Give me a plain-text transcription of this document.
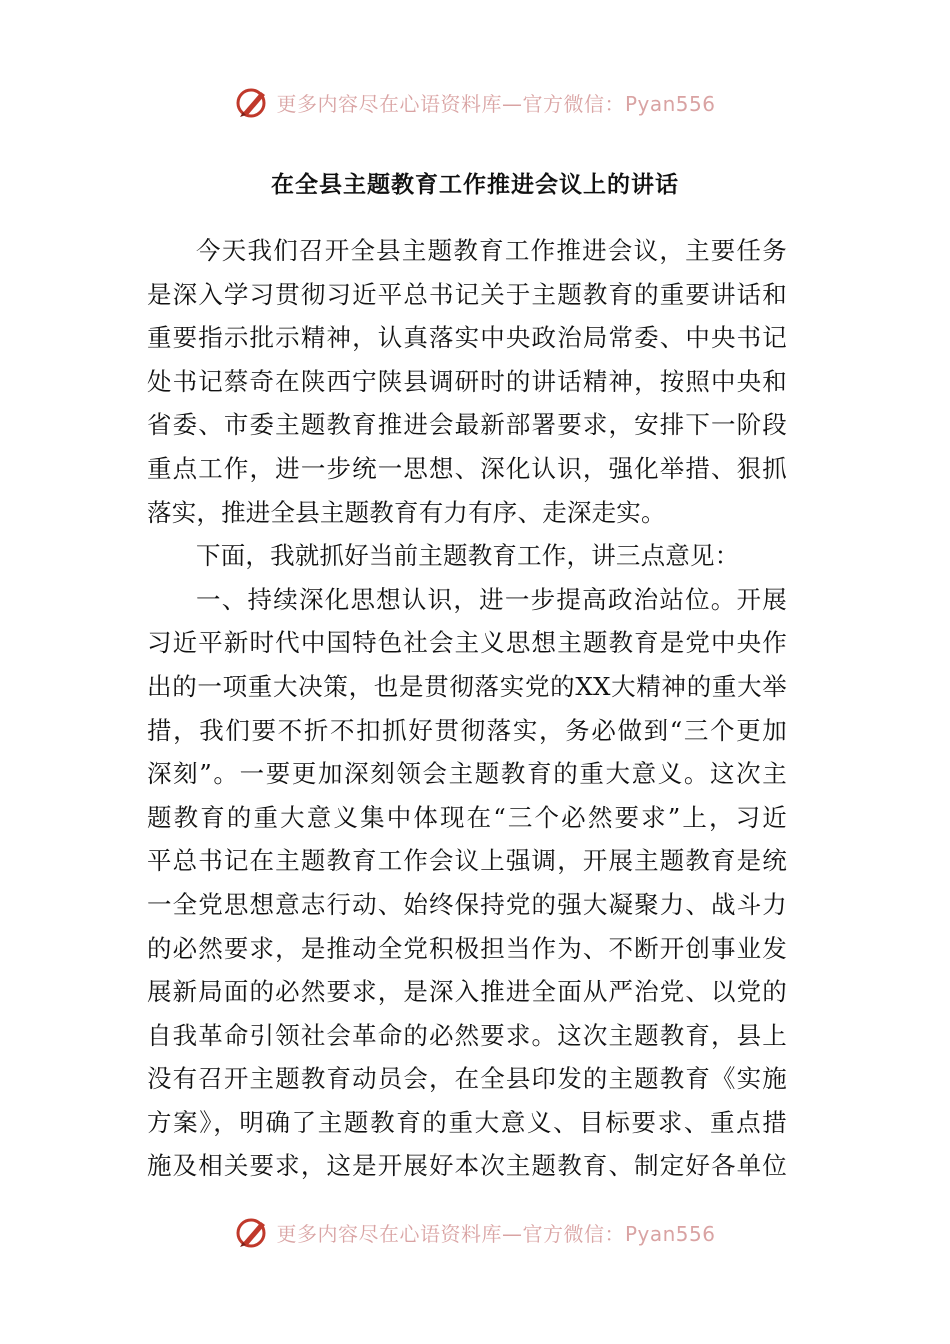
更多内容尽在心语资料库—官方微信：Pyan556
在全县主题教育工作推进会议上的讲话
今天我们召开全县主题教育工作推进会议，主要任务
是深入学习贯彻习近平总书记关于主题教育的重要讲话和
重要指示批示精神，认真落实中央政治局常委、中央书记
处书记蔡奇在陕西宁陕县调研时的讲话精神，按照中央和
省委、市委主题教育推进会最新部署要求，安排下一阶段
重点工作，进一步统一思想、深化认识，强化举措、狠抓
落实，推进全县主题教育有力有序、走深走实。
下面，我就抓好当前主题教育工作，讲三点意见：
一、持续深化思想认识，进一步提高政治站位。开展
习近平新时代中国特色社会主义思想主题教育是党中央作
出的一项重大决策，也是贯彻落实党的XX大精神的重大举
措，我们要不折不扣抓好贯彻落实，务必做到“三个更加
深刻”。一要更加深刻领会主题教育的重大意义。这次主
题教育的重大意义集中体现在“三个必然要求”上，习近
平总书记在主题教育工作会议上强调，开展主题教育是统
一全党思想意志行动、始终保持党的强大凝聚力、战斗力
的必然要求，是推动全党积极担当作为、不断开创事业发
展新局面的必然要求，是深入推进全面从严治党、以党的
自我革命引领社会革命的必然要求。这次主题教育，县上
没有召开主题教育动员会，在全县印发的主题教育《实施
方案》，明确了主题教育的重大意义、目标要求、重点措
施及相关要求，这是开展好本次主题教育、制定好各单位
更多内容尽在心语资料库—官方微信：Pyan556
